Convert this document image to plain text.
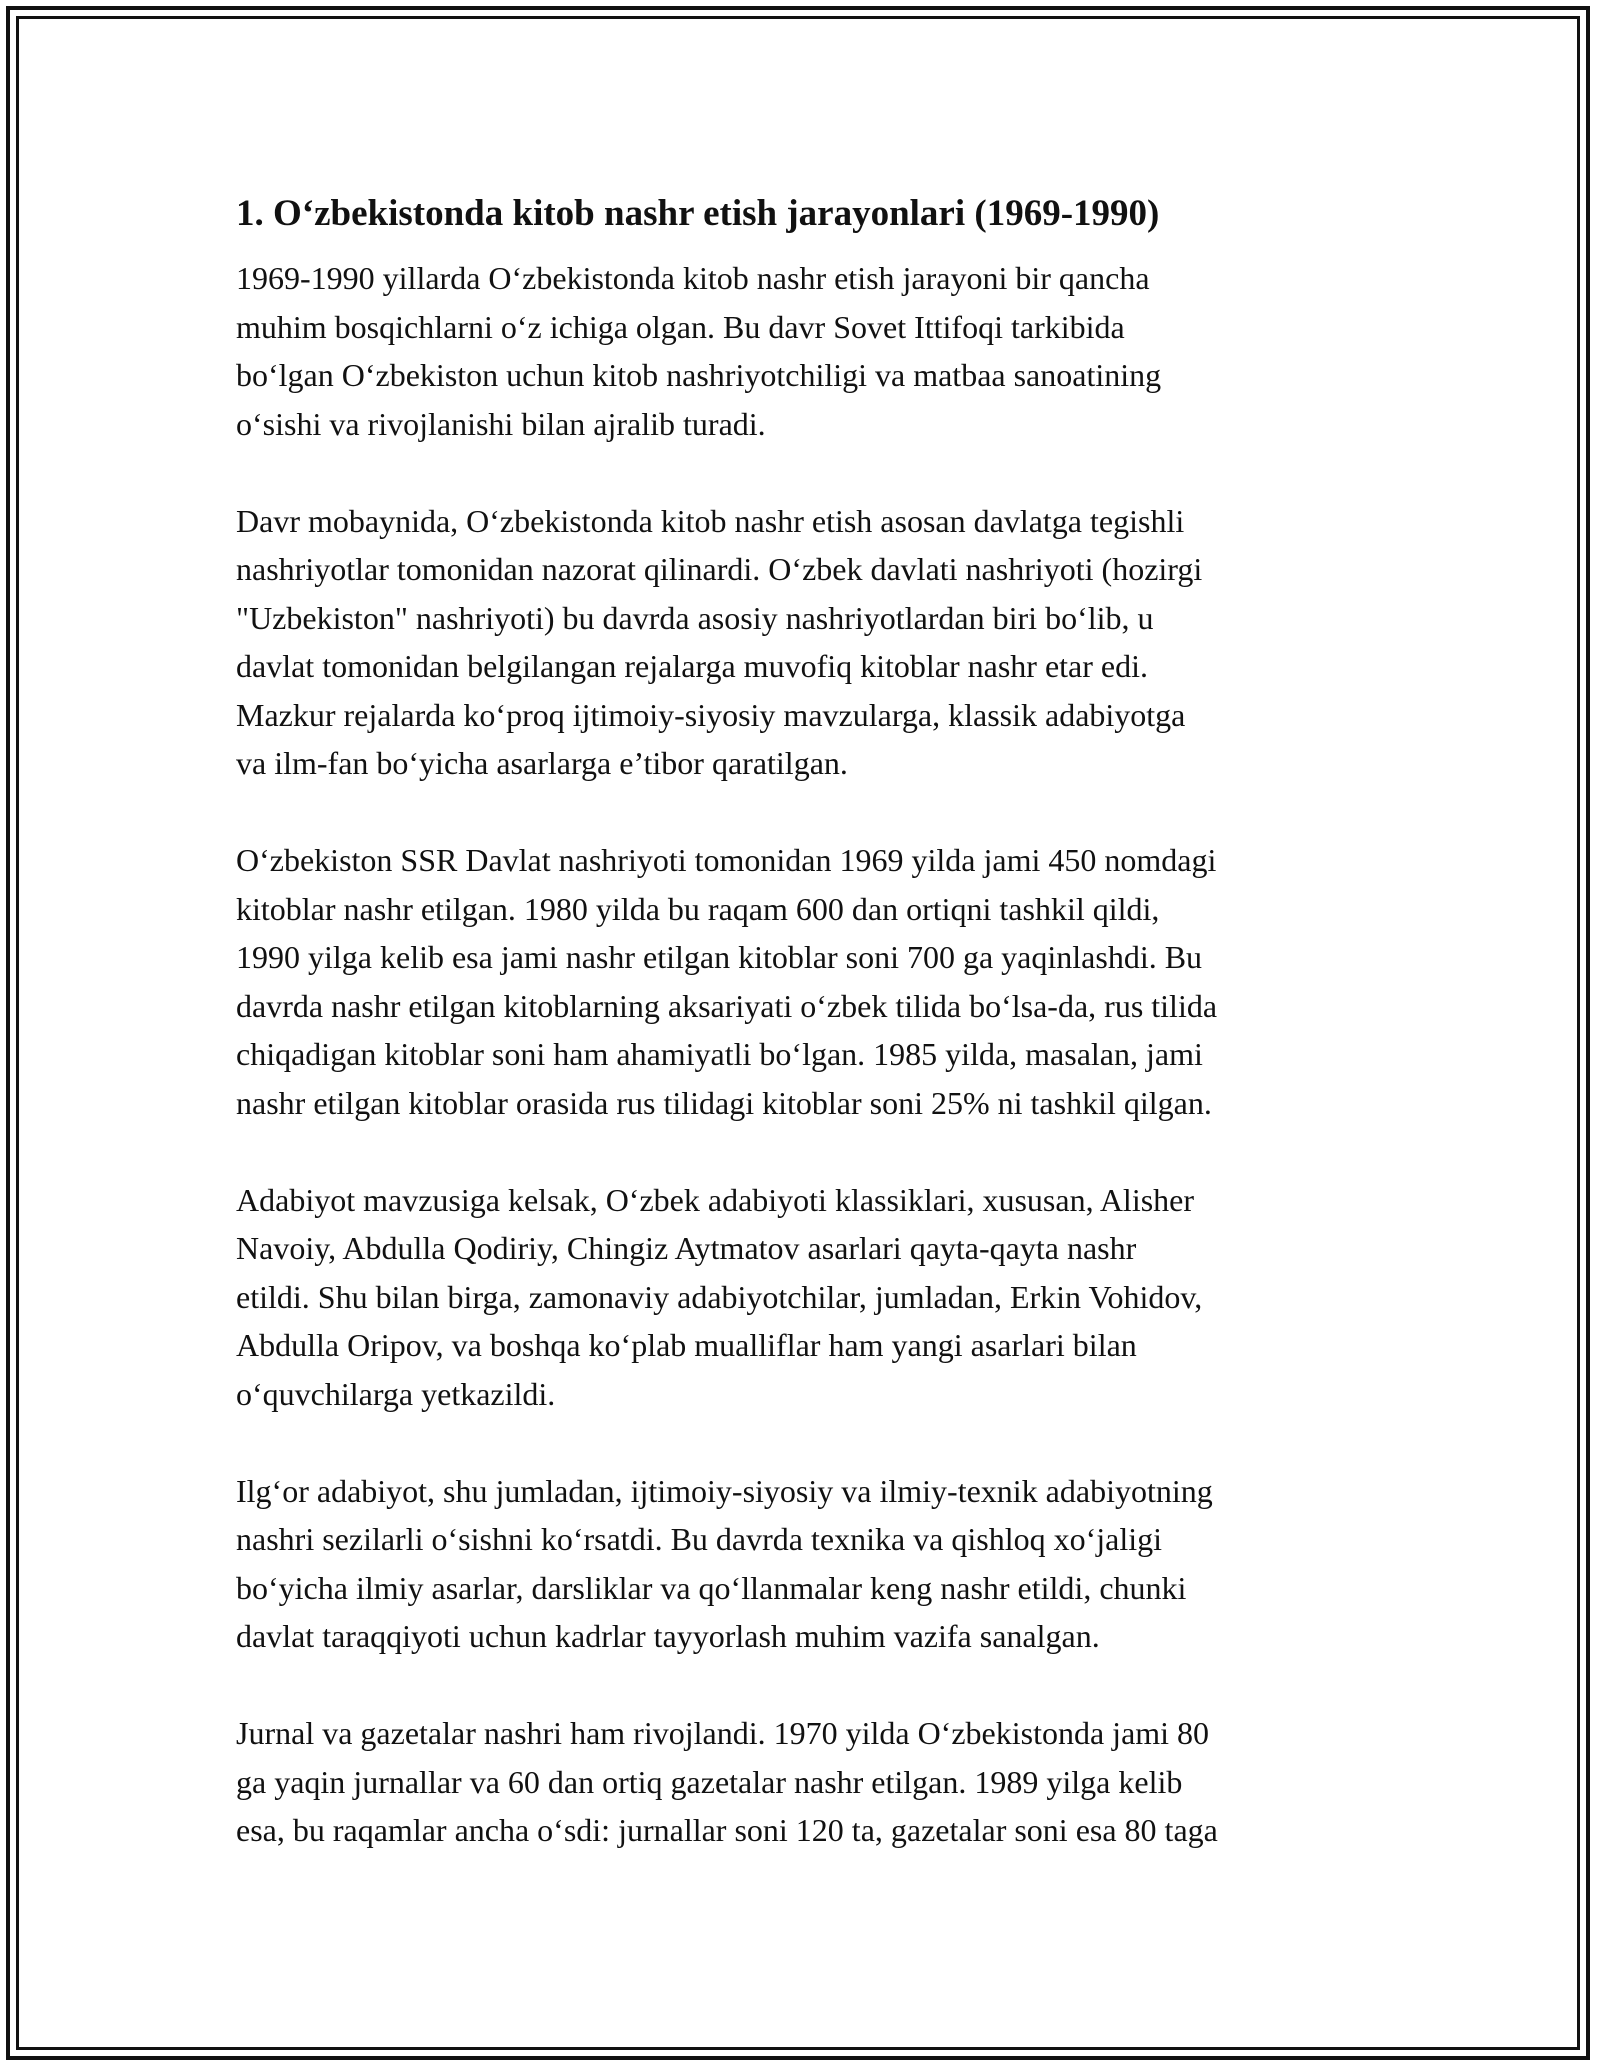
1. O‘zbekistonda kitob nashr etish jarayonlari (1969-1990)

1969-1990 yillarda O‘zbekistonda kitob nashr etish jarayoni bir qancha
muhim bosqichlarni o‘z ichiga olgan. Bu davr Sovet Ittifoqi tarkibida
bo‘lgan O‘zbekiston uchun kitob nashriyotchiligi va matbaa sanoatining
o‘sishi va rivojlanishi bilan ajralib turadi.

Davr mobaynida, O‘zbekistonda kitob nashr etish asosan davlatga tegishli
nashriyotlar tomonidan nazorat qilinardi. O‘zbek davlati nashriyoti (hozirgi
"Uzbekiston" nashriyoti) bu davrda asosiy nashriyotlardan biri bo‘lib, u
davlat tomonidan belgilangan rejalarga muvofiq kitoblar nashr etar edi.
Mazkur rejalarda ko‘proq ijtimoiy-siyosiy mavzularga, klassik adabiyotga
va ilm-fan bo‘yicha asarlarga e’tibor qaratilgan.

O‘zbekiston SSR Davlat nashriyoti tomonidan 1969 yilda jami 450 nomdagi
kitoblar nashr etilgan. 1980 yilda bu raqam 600 dan ortiqni tashkil qildi,
1990 yilga kelib esa jami nashr etilgan kitoblar soni 700 ga yaqinlashdi. Bu
davrda nashr etilgan kitoblarning aksariyati o‘zbek tilida bo‘lsa-da, rus tilida
chiqadigan kitoblar soni ham ahamiyatli bo‘lgan. 1985 yilda, masalan, jami
nashr etilgan kitoblar orasida rus tilidagi kitoblar soni 25% ni tashkil qilgan.

Adabiyot mavzusiga kelsak, O‘zbek adabiyoti klassiklari, xususan, Alisher
Navoiy, Abdulla Qodiriy, Chingiz Aytmatov asarlari qayta-qayta nashr
etildi. Shu bilan birga, zamonaviy adabiyotchilar, jumladan, Erkin Vohidov,
Abdulla Oripov, va boshqa ko‘plab mualliflar ham yangi asarlari bilan
o‘quvchilarga yetkazildi.

Ilg‘or adabiyot, shu jumladan, ijtimoiy-siyosiy va ilmiy-texnik adabiyotning
nashri sezilarli o‘sishni ko‘rsatdi. Bu davrda texnika va qishloq xo‘jaligi
bo‘yicha ilmiy asarlar, darsliklar va qo‘llanmalar keng nashr etildi, chunki
davlat taraqqiyoti uchun kadrlar tayyorlash muhim vazifa sanalgan.

Jurnal va gazetalar nashri ham rivojlandi. 1970 yilda O‘zbekistonda jami 80
ga yaqin jurnallar va 60 dan ortiq gazetalar nashr etilgan. 1989 yilga kelib
esa, bu raqamlar ancha o‘sdi: jurnallar soni 120 ta, gazetalar soni esa 80 taga
